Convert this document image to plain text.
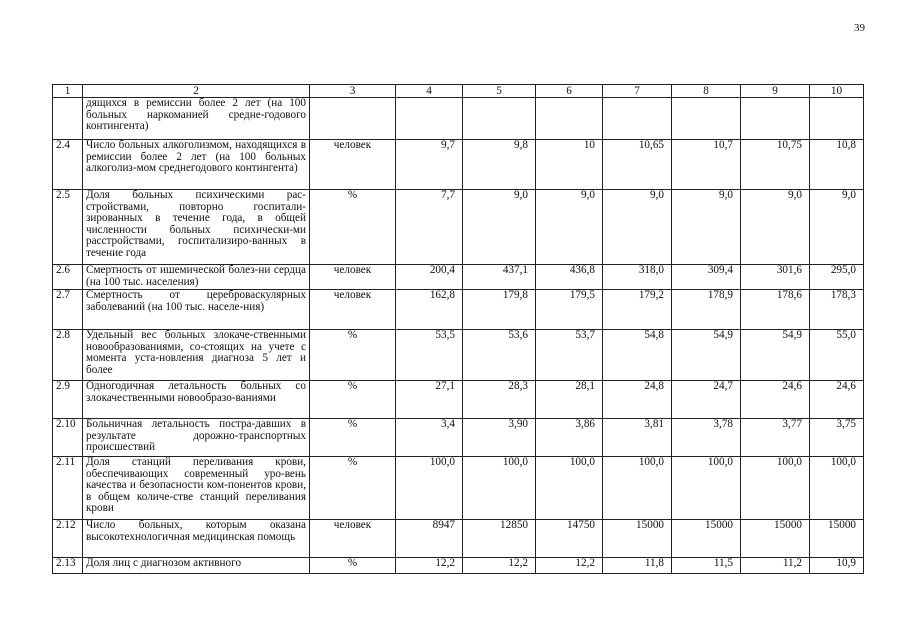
39
1	2	3	4	5	6	7	8	9	10
	дящихся в ремиссии более 2 лет (на 100 больных наркоманией средне-годового контингента)								
2.4	Число больных алкоголизмом, находящихся в ремиссии более 2 лет (на 100 больных алкоголиз-мом среднегодового контингента)	человек	9,7	9,8	10	10,65	10,7	10,75	10,8
2.5	Доля больных психическими рас-стройствами, повторно госпитали-зированных в течение года, в общей численности больных психически-ми расстройствами, госпитализиро-ванных в течение года	%	7,7	9,0	9,0	9,0	9,0	9,0	9,0
2.6	Смертность от ишемической болез-ни сердца (на 100 тыс. населения)	человек	200,4	437,1	436,8	318,0	309,4	301,6	295,0
2.7	Смертность от цереброваскулярных заболеваний (на 100 тыс. населе-ния)	человек	162,8	179,8	179,5	179,2	178,9	178,6	178,3
2.8	Удельный вес больных злокаче-ственными новообразованиями, со-стоящих на учете с момента уста-новления диагноза 5 лет и более	%	53,5	53,6	53,7	54,8	54,9	54,9	55,0
2.9	Одногодичная летальность больных со злокачественными новообразо-ваниями	%	27,1	28,3	28,1	24,8	24,7	24,6	24,6
2.10	Больничная летальность постра-давших в результате дорожно-транспортных происшествий	%	3,4	3,90	3,86	3,81	3,78	3,77	3,75
2.11	Доля станций переливания крови, обеспечивающих современный уро-вень качества и безопасности ком-понентов крови, в общем количе-стве станций переливания крови	%	100,0	100,0	100,0	100,0	100,0	100,0	100,0
2.12	Число больных, которым оказана высокотехнологичная медицинская помощь	человек	8947	12850	14750	15000	15000	15000	15000
2.13	Доля лиц с диагнозом активного	%	12,2	12,2	12,2	11,8	11,5	11,2	10,9
